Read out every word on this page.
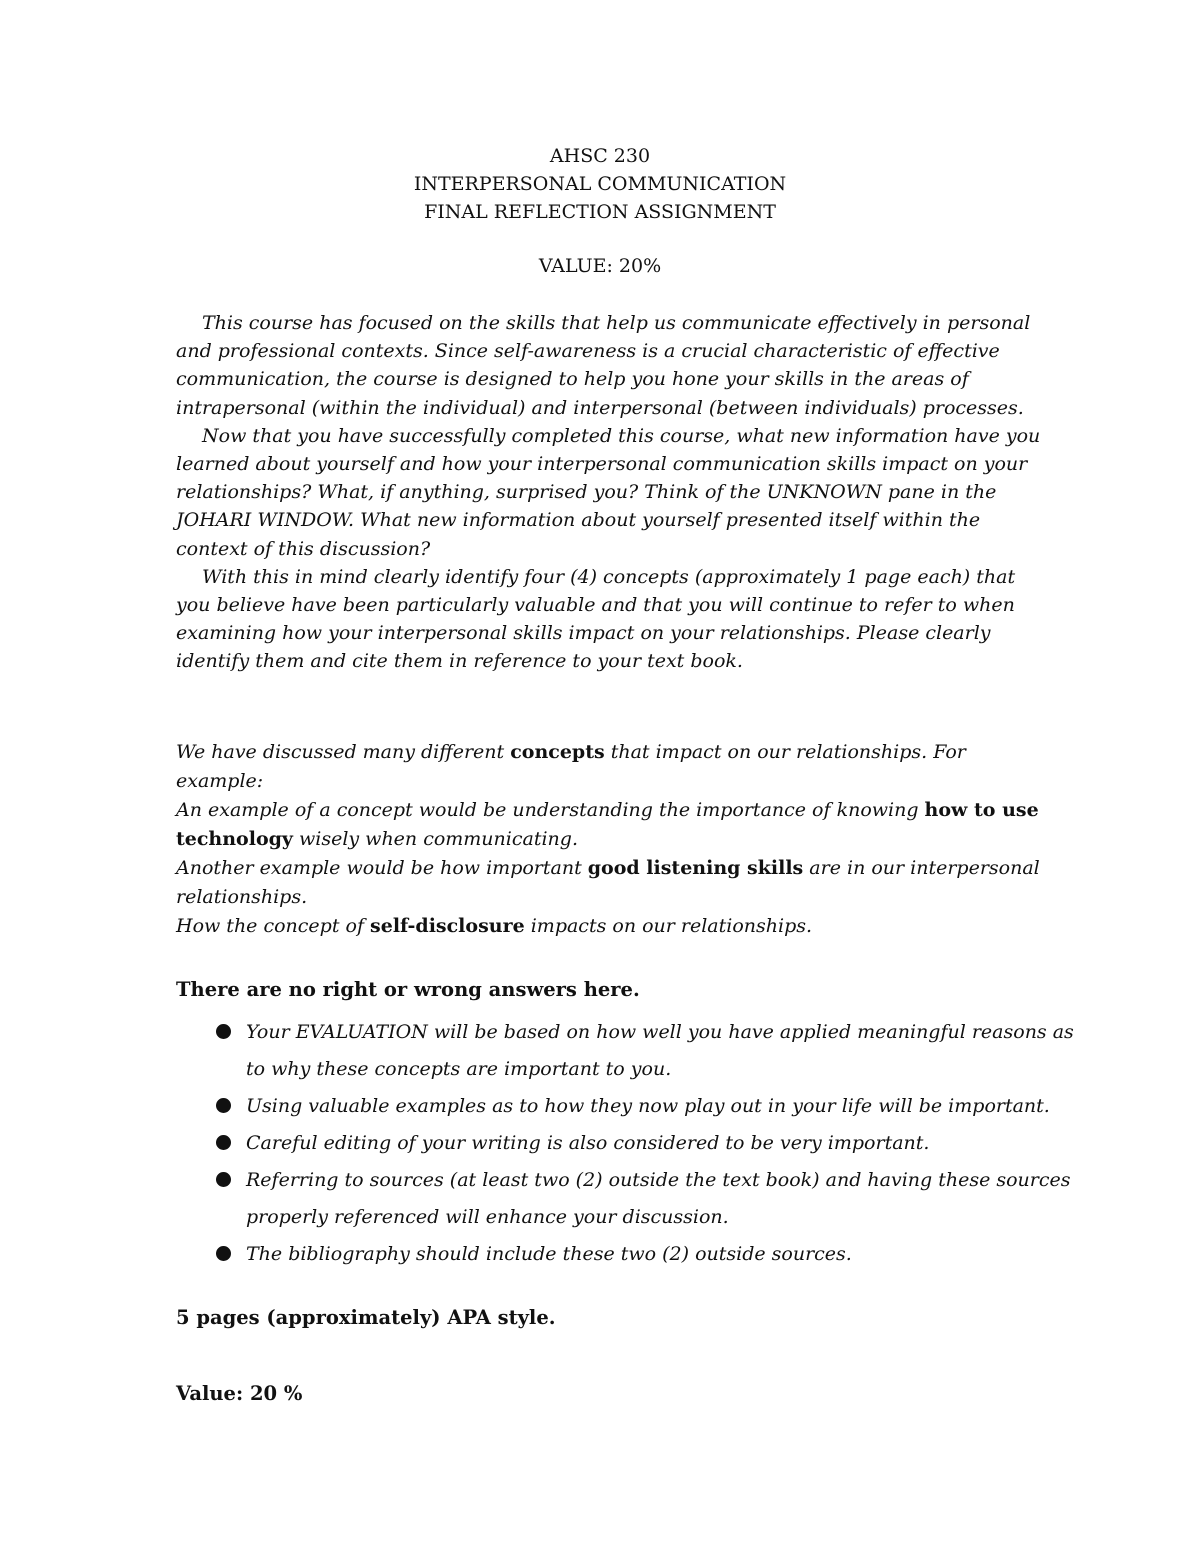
AHSC 230
INTERPERSONAL COMMUNICATION
FINAL REFLECTION ASSIGNMENT
VALUE: 20%

This course has focused on the skills that help us communicate effectively in personal and professional contexts. Since self-awareness is a crucial characteristic of effective communication, the course is designed to help you hone your skills in the areas of intrapersonal (within the individual) and interpersonal (between individuals) processes.

Now that you have successfully completed this course, what new information have you learned about yourself and how your interpersonal communication skills impact on your relationships? What, if anything, surprised you? Think of the UNKNOWN pane in the JOHARI WINDOW. What new information about yourself presented itself within the context of this discussion?

With this in mind clearly identify four (4) concepts (approximately 1 page each) that you believe have been particularly valuable and that you will continue to refer to when examining how your interpersonal skills impact on your relationships. Please clearly identify them and cite them in reference to your text book.

We have discussed many different concepts that impact on our relationships. For example:

An example of a concept would be understanding the importance of knowing how to use technology wisely when communicating.

Another example would be how important good listening skills are in our interpersonal relationships.

How the concept of self-disclosure impacts on our relationships.

There are no right or wrong answers here.
Your EVALUATION will be based on how well you have applied meaningful reasons as to why these concepts are important to you.
Using valuable examples as to how they now play out in your life will be important.
Careful editing of your writing is also considered to be very important.
Referring to sources (at least two (2) outside the text book) and having these sources properly referenced will enhance your discussion.
The bibliography should include these two (2) outside sources.
5 pages (approximately) APA style.
Value: 20 %
